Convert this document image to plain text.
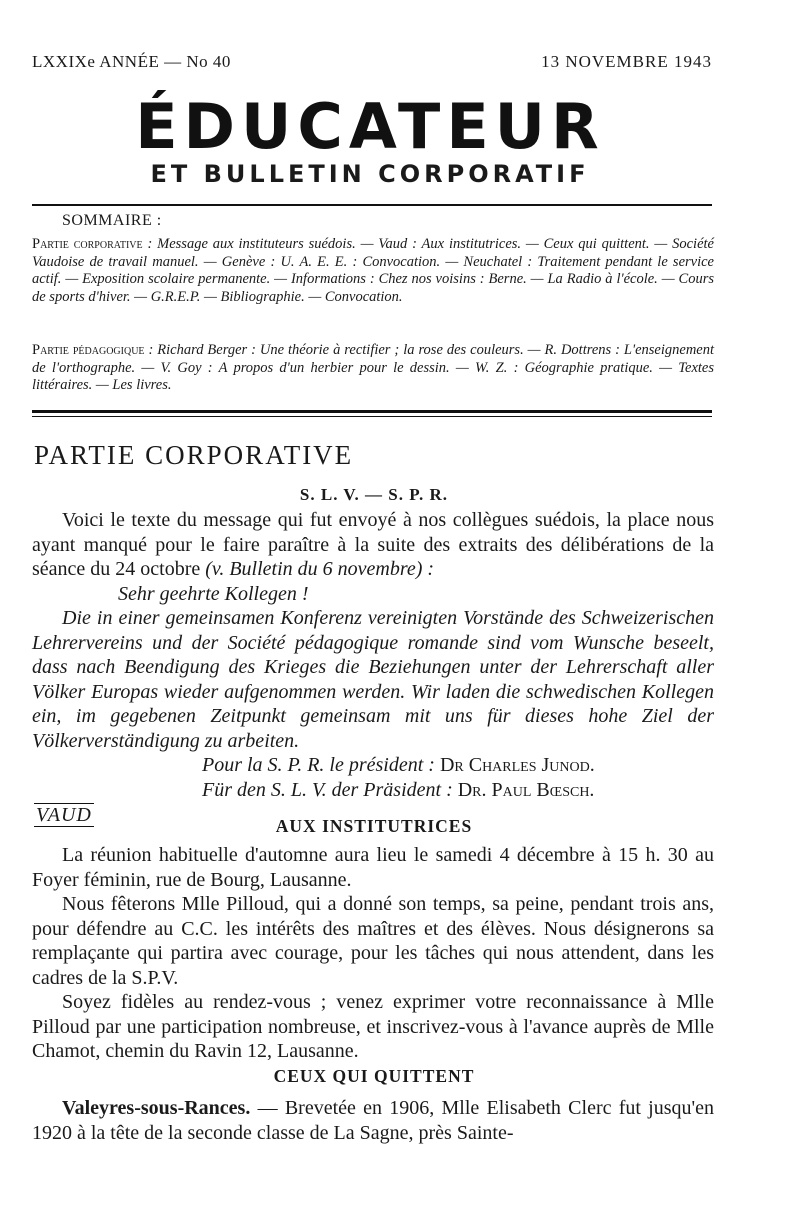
LXXIXe ANNÉE — No 40	13 NOVEMBRE 1943
ÉDUCATEUR
ET BULLETIN CORPORATIF
SOMMAIRE :
Partie corporative : Message aux instituteurs suédois. — Vaud : Aux institutrices. — Ceux qui quittent. — Société Vaudoise de travail manuel. — Genève : U. A. E. E. : Convocation. — Neuchatel : Traitement pendant le service actif. — Exposition scolaire permanente. — Informations : Chez nos voisins : Berne. — La Radio à l'école. — Cours de sports d'hiver. — G.R.E.P. — Bibliographie. — Convocation.
Partie pédagogique : Richard Berger : Une théorie à rectifier ; la rose des couleurs. — R. Dottrens : L'enseignement de l'orthographe. — V. Goy : A propos d'un herbier pour le dessin. — W. Z. : Géographie pratique. — Textes littéraires. — Les livres.
PARTIE CORPORATIVE
S. L. V. — S. P. R.

Voici le texte du message qui fut envoyé à nos collègues suédois, la place nous ayant manqué pour le faire paraître à la suite des extraits des délibérations de la séance du 24 octobre (v. Bulletin du 6 novembre) :

Sehr geehrte Kollegen !

Die in einer gemeinsamen Konferenz vereinigten Vorstände des Schweizerischen Lehrervereins und der Société pédagogique romande sind vom Wunsche beseelt, dass nach Beendigung des Krieges die Beziehungen unter der Lehrerschaft aller Völker Europas wieder aufgenommen werden. Wir laden die schwedischen Kollegen ein, im gegebenen Zeitpunkt gemeinsam mit uns für dieses hohe Ziel der Völkerverständigung zu arbeiten.

Pour la S. P. R. le président : Dr Charles Junod.

Für den S. L. V. der Präsident : Dr. Paul Bœsch.

VAUD	AUX INSTITUTRICES

La réunion habituelle d'automne aura lieu le samedi 4 décembre à 15 h. 30 au Foyer féminin, rue de Bourg, Lausanne.

Nous fêterons Mlle Pilloud, qui a donné son temps, sa peine, pendant trois ans, pour défendre au C.C. les intérêts des maîtres et des élèves. Nous désignerons sa remplaçante qui partira avec courage, pour les tâches qui nous attendent, dans les cadres de la S.P.V.

Soyez fidèles au rendez-vous ; venez exprimer votre reconnaissance à Mlle Pilloud par une participation nombreuse, et inscrivez-vous à l'avance auprès de Mlle Chamot, chemin du Ravin 12, Lausanne.

CEUX QUI QUITTENT

Valeyres-sous-Rances. — Brevetée en 1906, Mlle Elisabeth Clerc fut jusqu'en 1920 à la tête de la seconde classe de La Sagne, près Sainte-
